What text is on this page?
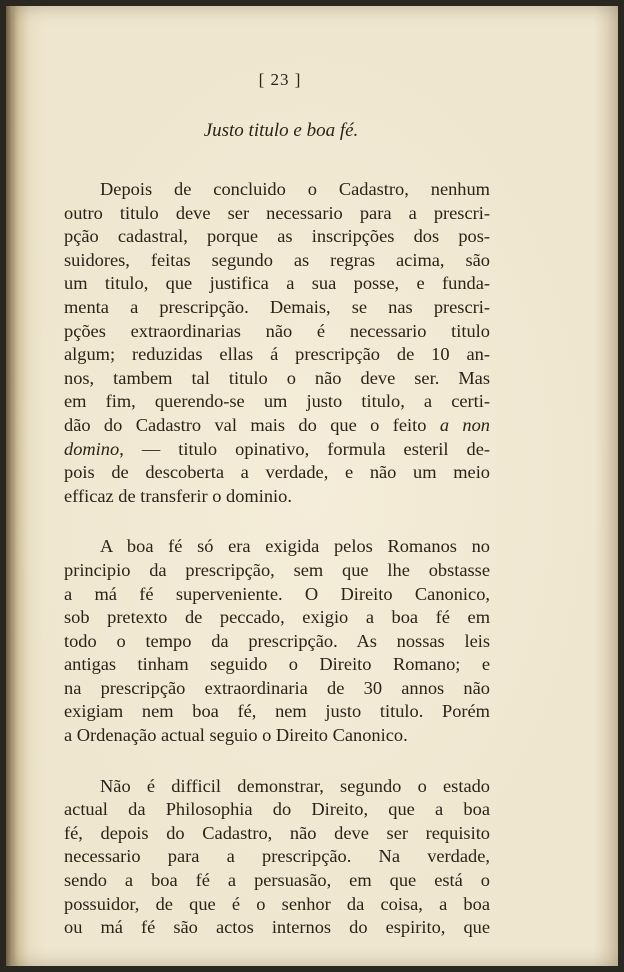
[ 23 ]
Justo titulo e boa fé.
Depois de concluido o Cadastro, nenhum
outro titulo deve ser necessario para a prescri-
pção cadastral, porque as inscripções dos pos-
suidores, feitas segundo as regras acima, são
um titulo, que justifica a sua posse, e funda-
menta a prescripção. Demais, se nas prescri-
pções extraordinarias não é necessario titulo
algum; reduzidas ellas á prescripção de 10 an-
nos, tambem tal titulo o não deve ser. Mas
em fim, querendo-se um justo titulo, a certi-
dão do Cadastro val mais do que o feito a non
domino, — titulo opinativo, formula esteril de-
pois de descoberta a verdade, e não um meio
efficaz de transferir o dominio.
A boa fé só era exigida pelos Romanos no
principio da prescripção, sem que lhe obstasse
a má fé superveniente. O Direito Canonico,
sob pretexto de peccado, exigio a boa fé em
todo o tempo da prescripção. As nossas leis
antigas tinham seguido o Direito Romano; e
na prescripção extraordinaria de 30 annos não
exigiam nem boa fé, nem justo titulo. Porém
a Ordenação actual seguio o Direito Canonico.
Não é difficil demonstrar, segundo o estado
actual da Philosophia do Direito, que a boa
fé, depois do Cadastro, não deve ser requisito
necessario para a prescripção. Na verdade,
sendo a boa fé a persuasão, em que está o
possuidor, de que é o senhor da coisa, a boa
ou má fé são actos internos do espirito, que
